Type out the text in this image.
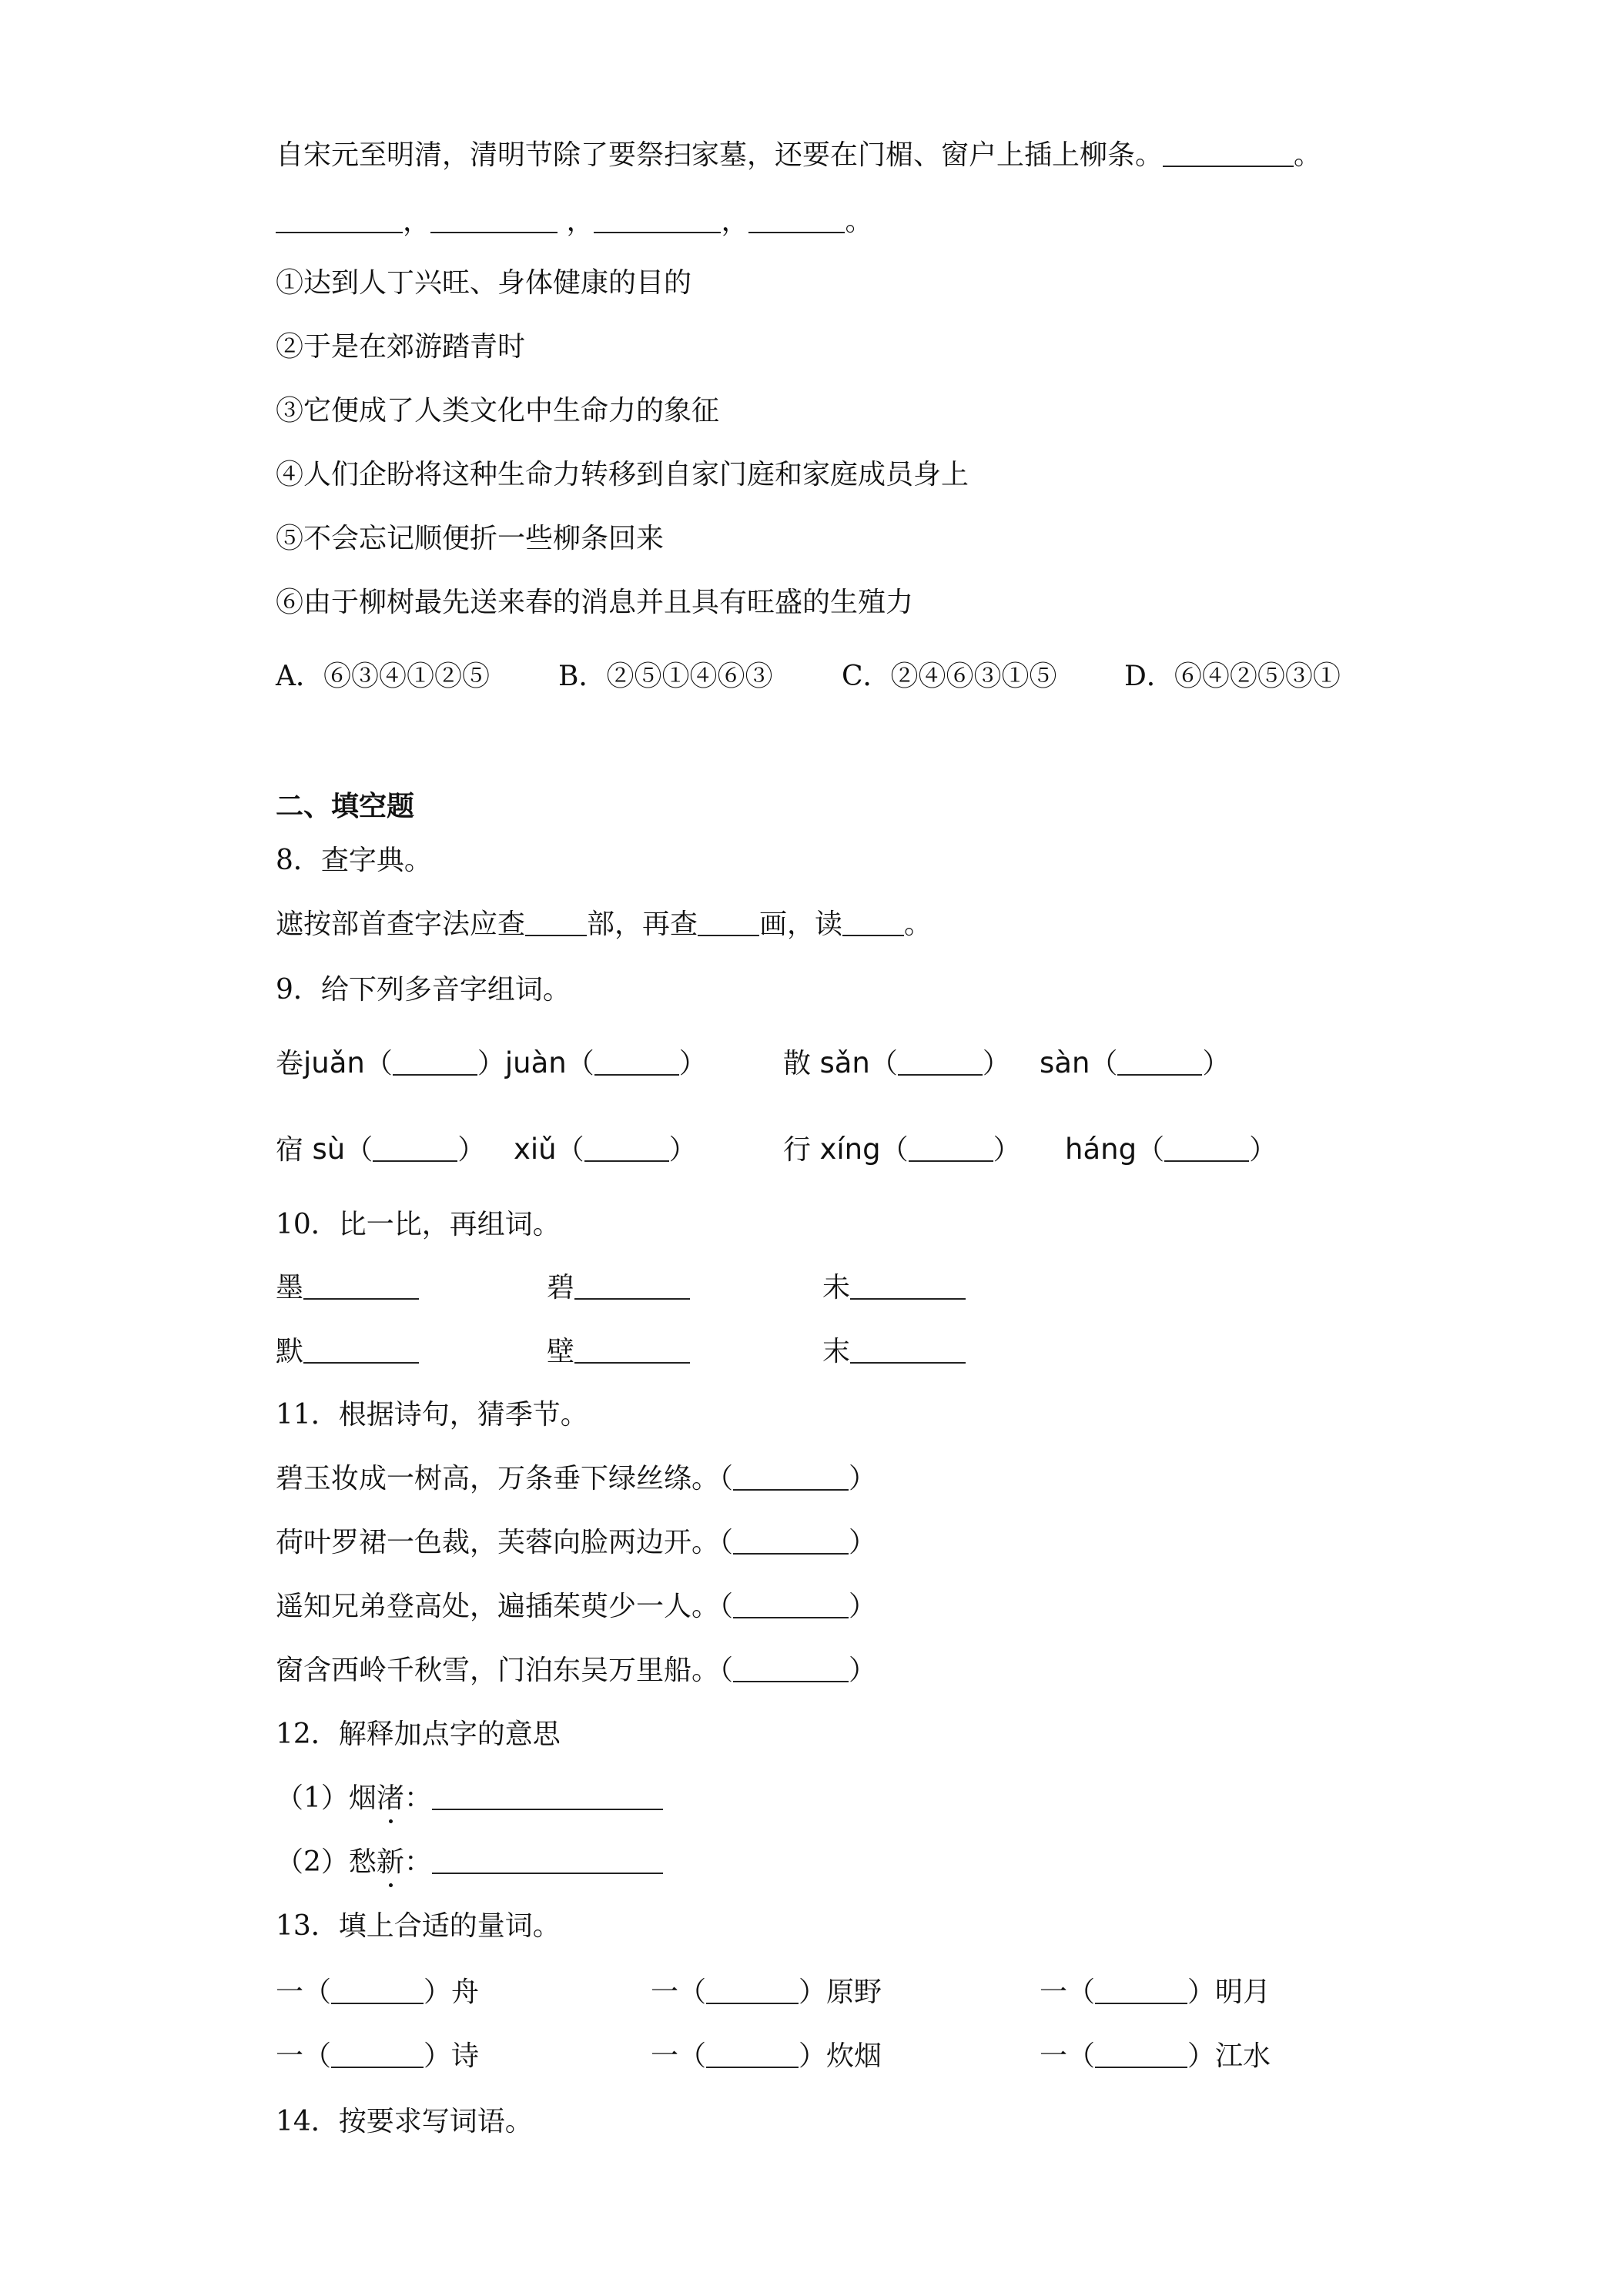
自宋元至明清，清明节除了要祭扫家墓，还要在门楣、窗户上插上柳条。	。
，	，	，	。
①达到人丁兴旺、身体健康的目的
②于是在郊游踏青时
③它便成了人类文化中生命力的象征
④人们企盼将这种生命力转移到自家门庭和家庭成员身上
⑤不会忘记顺便折一些柳条回来
⑥由于柳树最先送来春的消息并且具有旺盛的生殖力
A．⑥③④①②⑤ B．②⑤①④⑥③ C．②④⑥③①⑤ D．⑥④②⑤③①
二、填空题
8．查字典。
遮按部首查字法应查 部，再查 画，读 。
9．给下列多音字组词。
卷juǎn（	）juàn（	）	散 sǎn（	） sàn（	）
宿 sù（	） xiǔ（	）	行 xíng（	） háng（	）
10．比一比，再组词。
墨	碧	未
默	壁	末
11．根据诗句，猜季节。
碧玉妆成一树高，万条垂下绿丝绦。（	）
荷叶罗裙一色裁，芙蓉向脸两边开。（	）
遥知兄弟登高处，遍插茱萸少一人。（	）
窗含西岭千秋雪，门泊东吴万里船。（	）
12．解释加点字的意思
（1）烟渚：
（2）愁新：
13．填上合适的量词。
一（	）舟	一（	）原野	一（	）明月
一（	）诗	一（	）炊烟	一（	）江水
14．按要求写词语。
